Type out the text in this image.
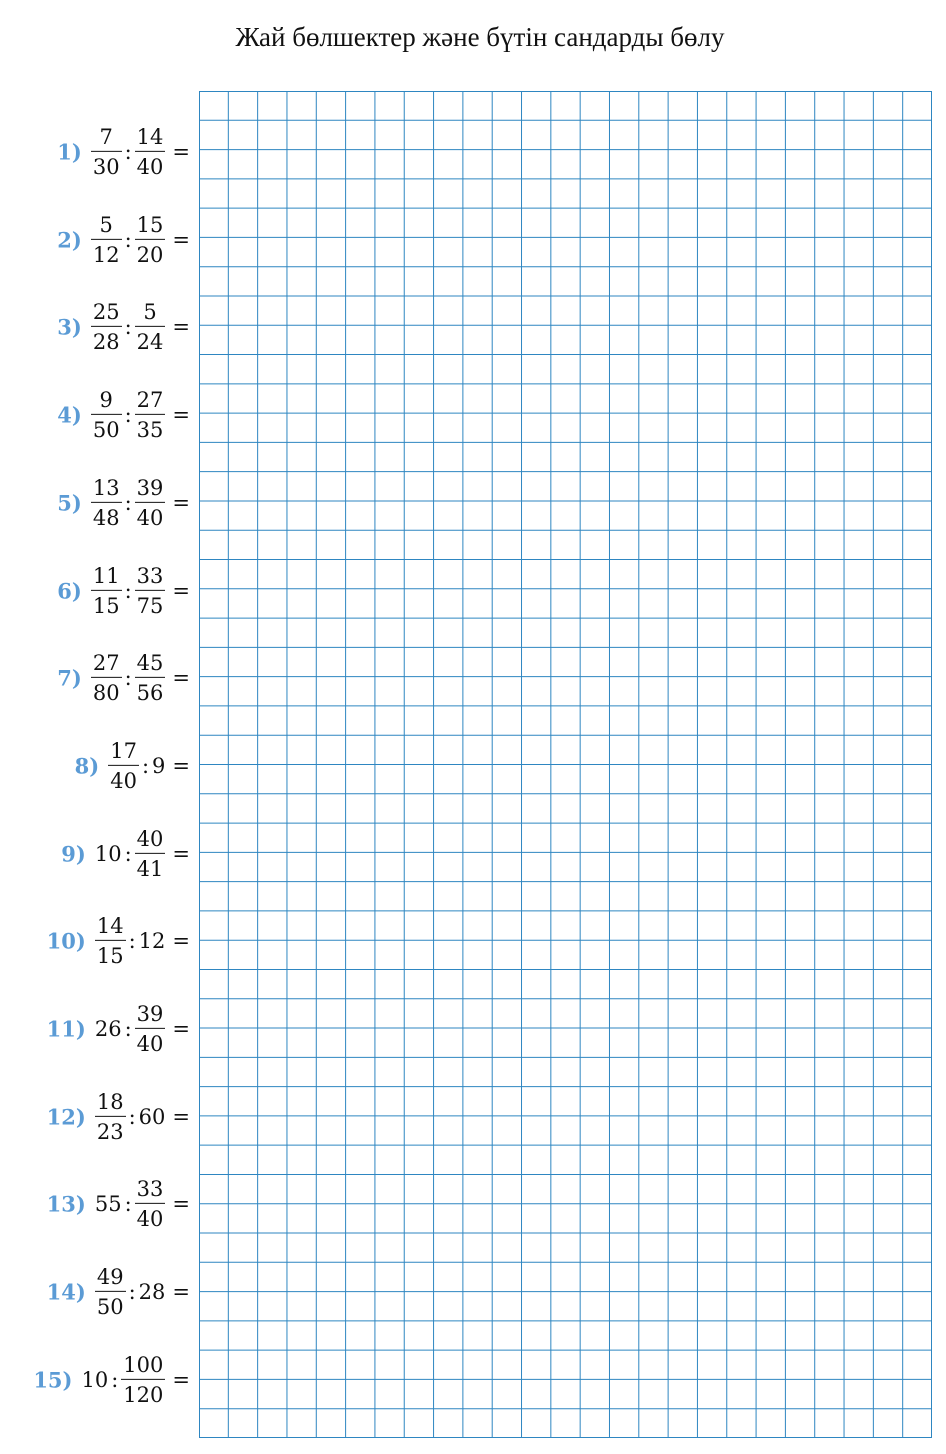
Жай бөлшектер және бүтін сандарды бөлу
$\frac{7}{30}$ : $\frac{14}{40}$ =
1)
$\frac{5}{12}$ : $\frac{15}{20}$ =
2)
$\frac{25}{28}$ : $\frac{5}{24}$ =
3)
$\frac{9}{50}$ : $\frac{27}{35}$ =
4)
$\frac{13}{48}$ : $\frac{39}{40}$ =
5)
$\frac{11}{15}$ : $\frac{33}{75}$ =
6)
$\frac{27}{80}$ : $\frac{45}{56}$ =
7)
$\frac{17}{40}$ : 9 =
8)
10 : $\frac{40}{41}$ =
9)
$\frac{14}{15}$ : 12 =
10)
26 : $\frac{39}{40}$ =
11)
$\frac{18}{23}$ : 60 =
12)
55 : $\frac{33}{40}$ =
13)
$\frac{49}{50}$ : 28 =
14)
10 : $\frac{100}{120}$ =
15)
